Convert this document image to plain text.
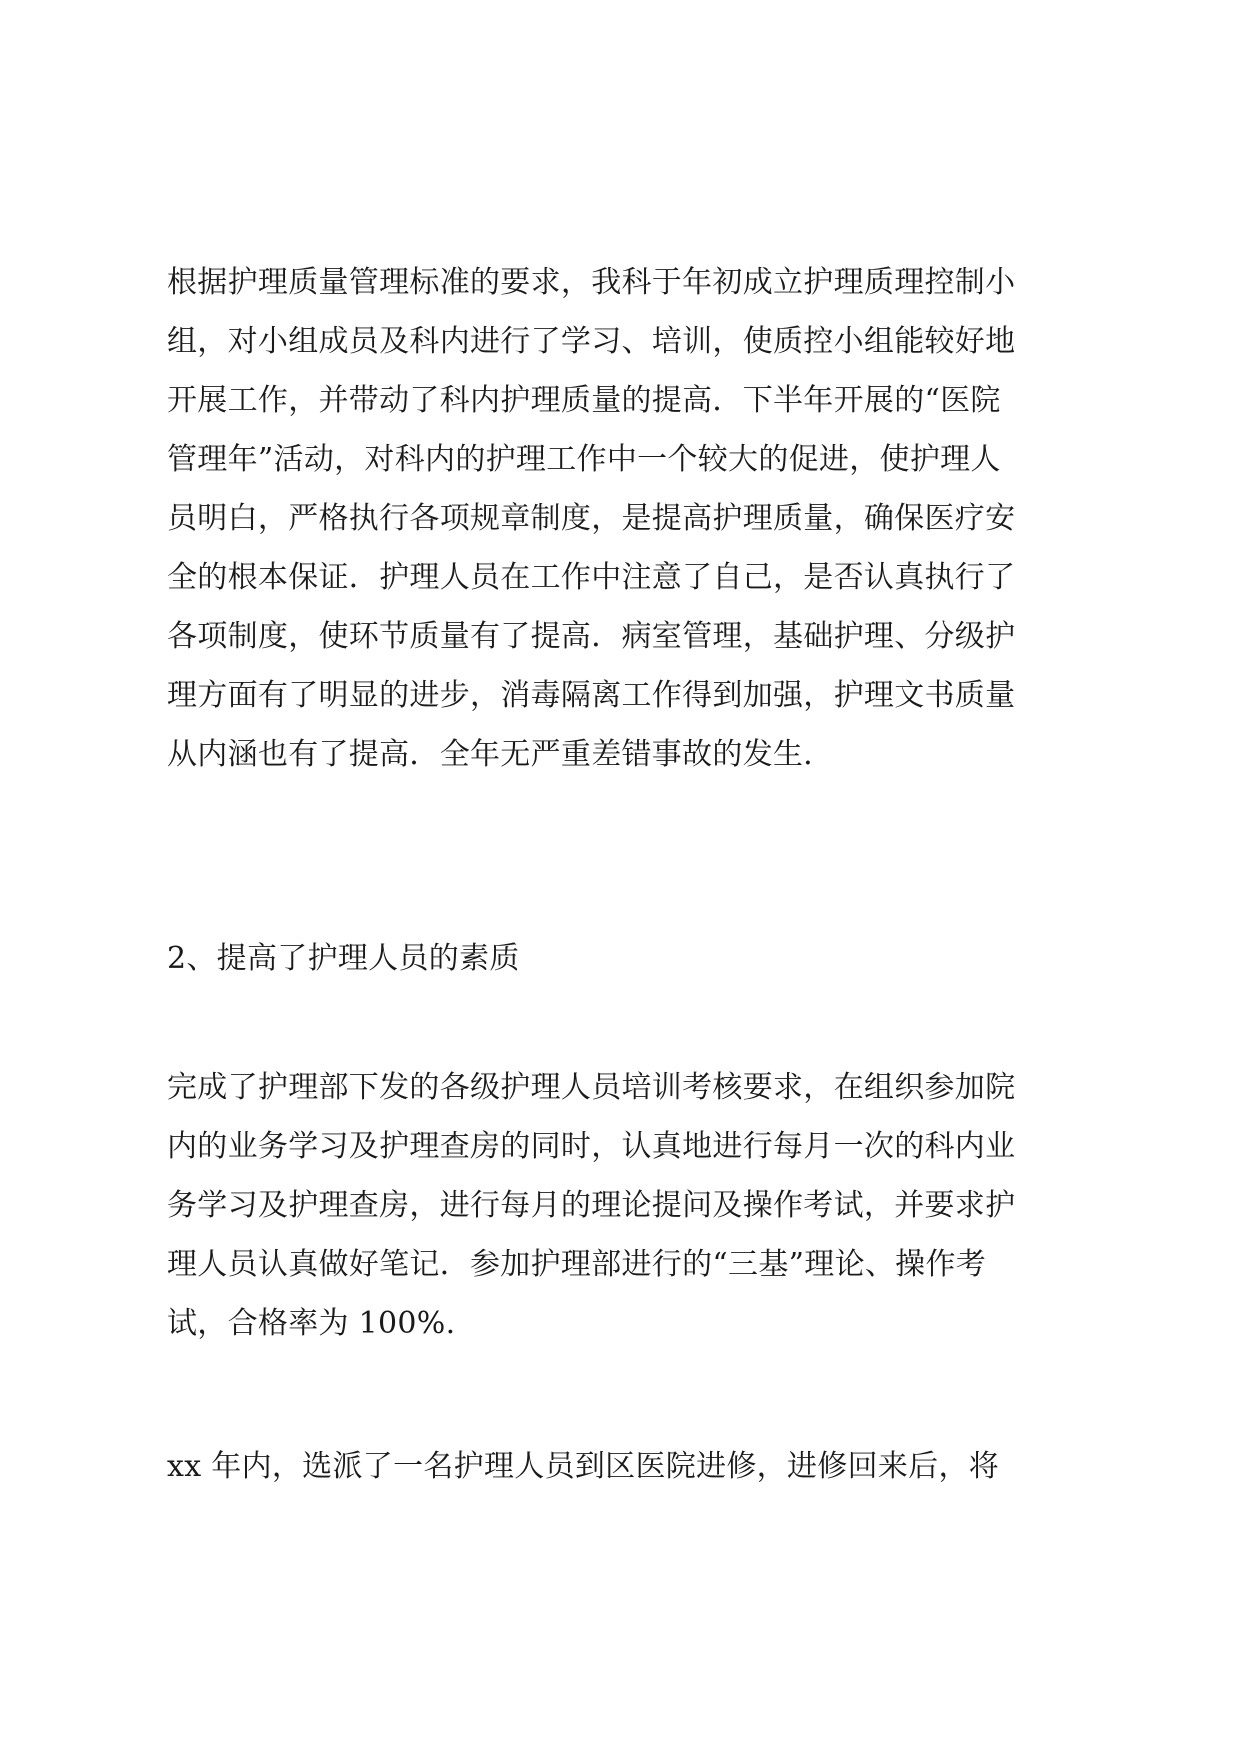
根据护理质量管理标准的要求，我科于年初成立护理质理控制小
组，对小组成员及科内进行了学习、培训，使质控小组能较好地
开展工作，并带动了科内护理质量的提高．下半年开展的“医院
管理年”活动，对科内的护理工作中一个较大的促进，使护理人
员明白，严格执行各项规章制度，是提高护理质量，确保医疗安
全的根本保证．护理人员在工作中注意了自己，是否认真执行了
各项制度，使环节质量有了提高．病室管理，基础护理、分级护
理方面有了明显的进步，消毒隔离工作得到加强，护理文书质量
从内涵也有了提高．全年无严重差错事故的发生．
2、提高了护理人员的素质
完成了护理部下发的各级护理人员培训考核要求，在组织参加院
内的业务学习及护理查房的同时，认真地进行每月一次的科内业
务学习及护理查房，进行每月的理论提问及操作考试，并要求护
理人员认真做好笔记．参加护理部进行的“三基”理论、操作考
试，合格率为 100%.
xx 年内，选派了一名护理人员到区医院进修，进修回来后，将
